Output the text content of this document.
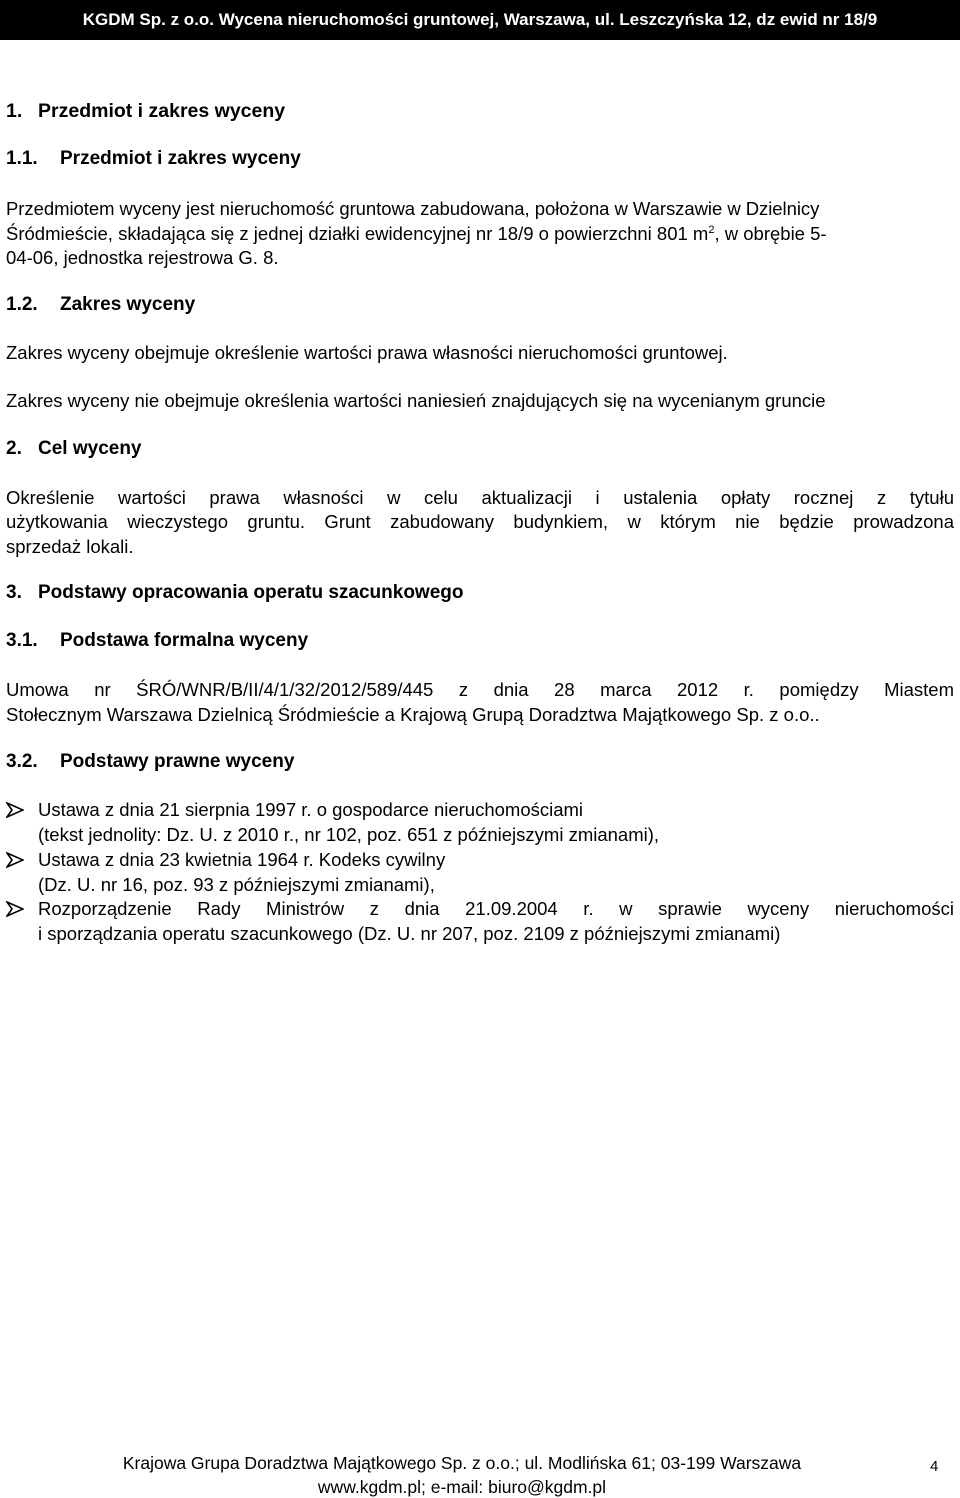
KGDM Sp. z o.o. Wycena nieruchomości gruntowej, Warszawa, ul. Leszczyńska 12, dz ewid nr 18/9
1. Przedmiot i zakres wyceny
1.1. Przedmiot i zakres wyceny
Przedmiotem wyceny jest nieruchomość gruntowa zabudowana, położona w Warszawie w Dzielnicy
Śródmieście, składająca się z jednej działki ewidencyjnej nr 18/9 o powierzchni 801 $m^2$, w obrębie 5-
04-06, jednostka rejestrowa G. 8.
1.2. Zakres wyceny
Zakres wyceny obejmuje określenie wartości prawa własności nieruchomości gruntowej.
Zakres wyceny nie obejmuje określenia wartości naniesień znajdujących się na wycenianym gruncie
2. Cel wyceny
Określenie wartości prawa własności w celu aktualizacji i ustalenia opłaty rocznej z tytułu
użytkowania wieczystego gruntu. Grunt zabudowany budynkiem, w którym nie będzie prowadzona
sprzedaż lokali.
3. Podstawy opracowania operatu szacunkowego
3.1. Podstawa formalna wyceny
Umowa nr ŚRÓ/WNR/B/II/4/1/32/2012/589/445 z dnia 28 marca 2012 r. pomiędzy Miastem
Stołecznym Warszawa Dzielnicą Śródmieście a Krajową Grupą Doradztwa Majątkowego Sp. z o.o..
3.2. Podstawy prawne wyceny
Ustawa z dnia 21 sierpnia 1997 r. o gospodarce nieruchomościami
(tekst jednolity: Dz. U. z 2010 r., nr 102, poz. 651 z późniejszymi zmianami),
Ustawa z dnia 23 kwietnia 1964 r. Kodeks cywilny
(Dz. U. nr 16, poz. 93 z późniejszymi zmianami),
Rozporządzenie Rady Ministrów z dnia 21.09.2004 r. w sprawie wyceny nieruchomości
i sporządzania operatu szacunkowego (Dz. U. nr 207, poz. 2109 z późniejszymi zmianami)
Krajowa Grupa Doradztwa Majątkowego Sp. z o.o.; ul. Modlińska 61; 03-199 Warszawa
www.kgdm.pl; e-mail: biuro@kgdm.pl
4
